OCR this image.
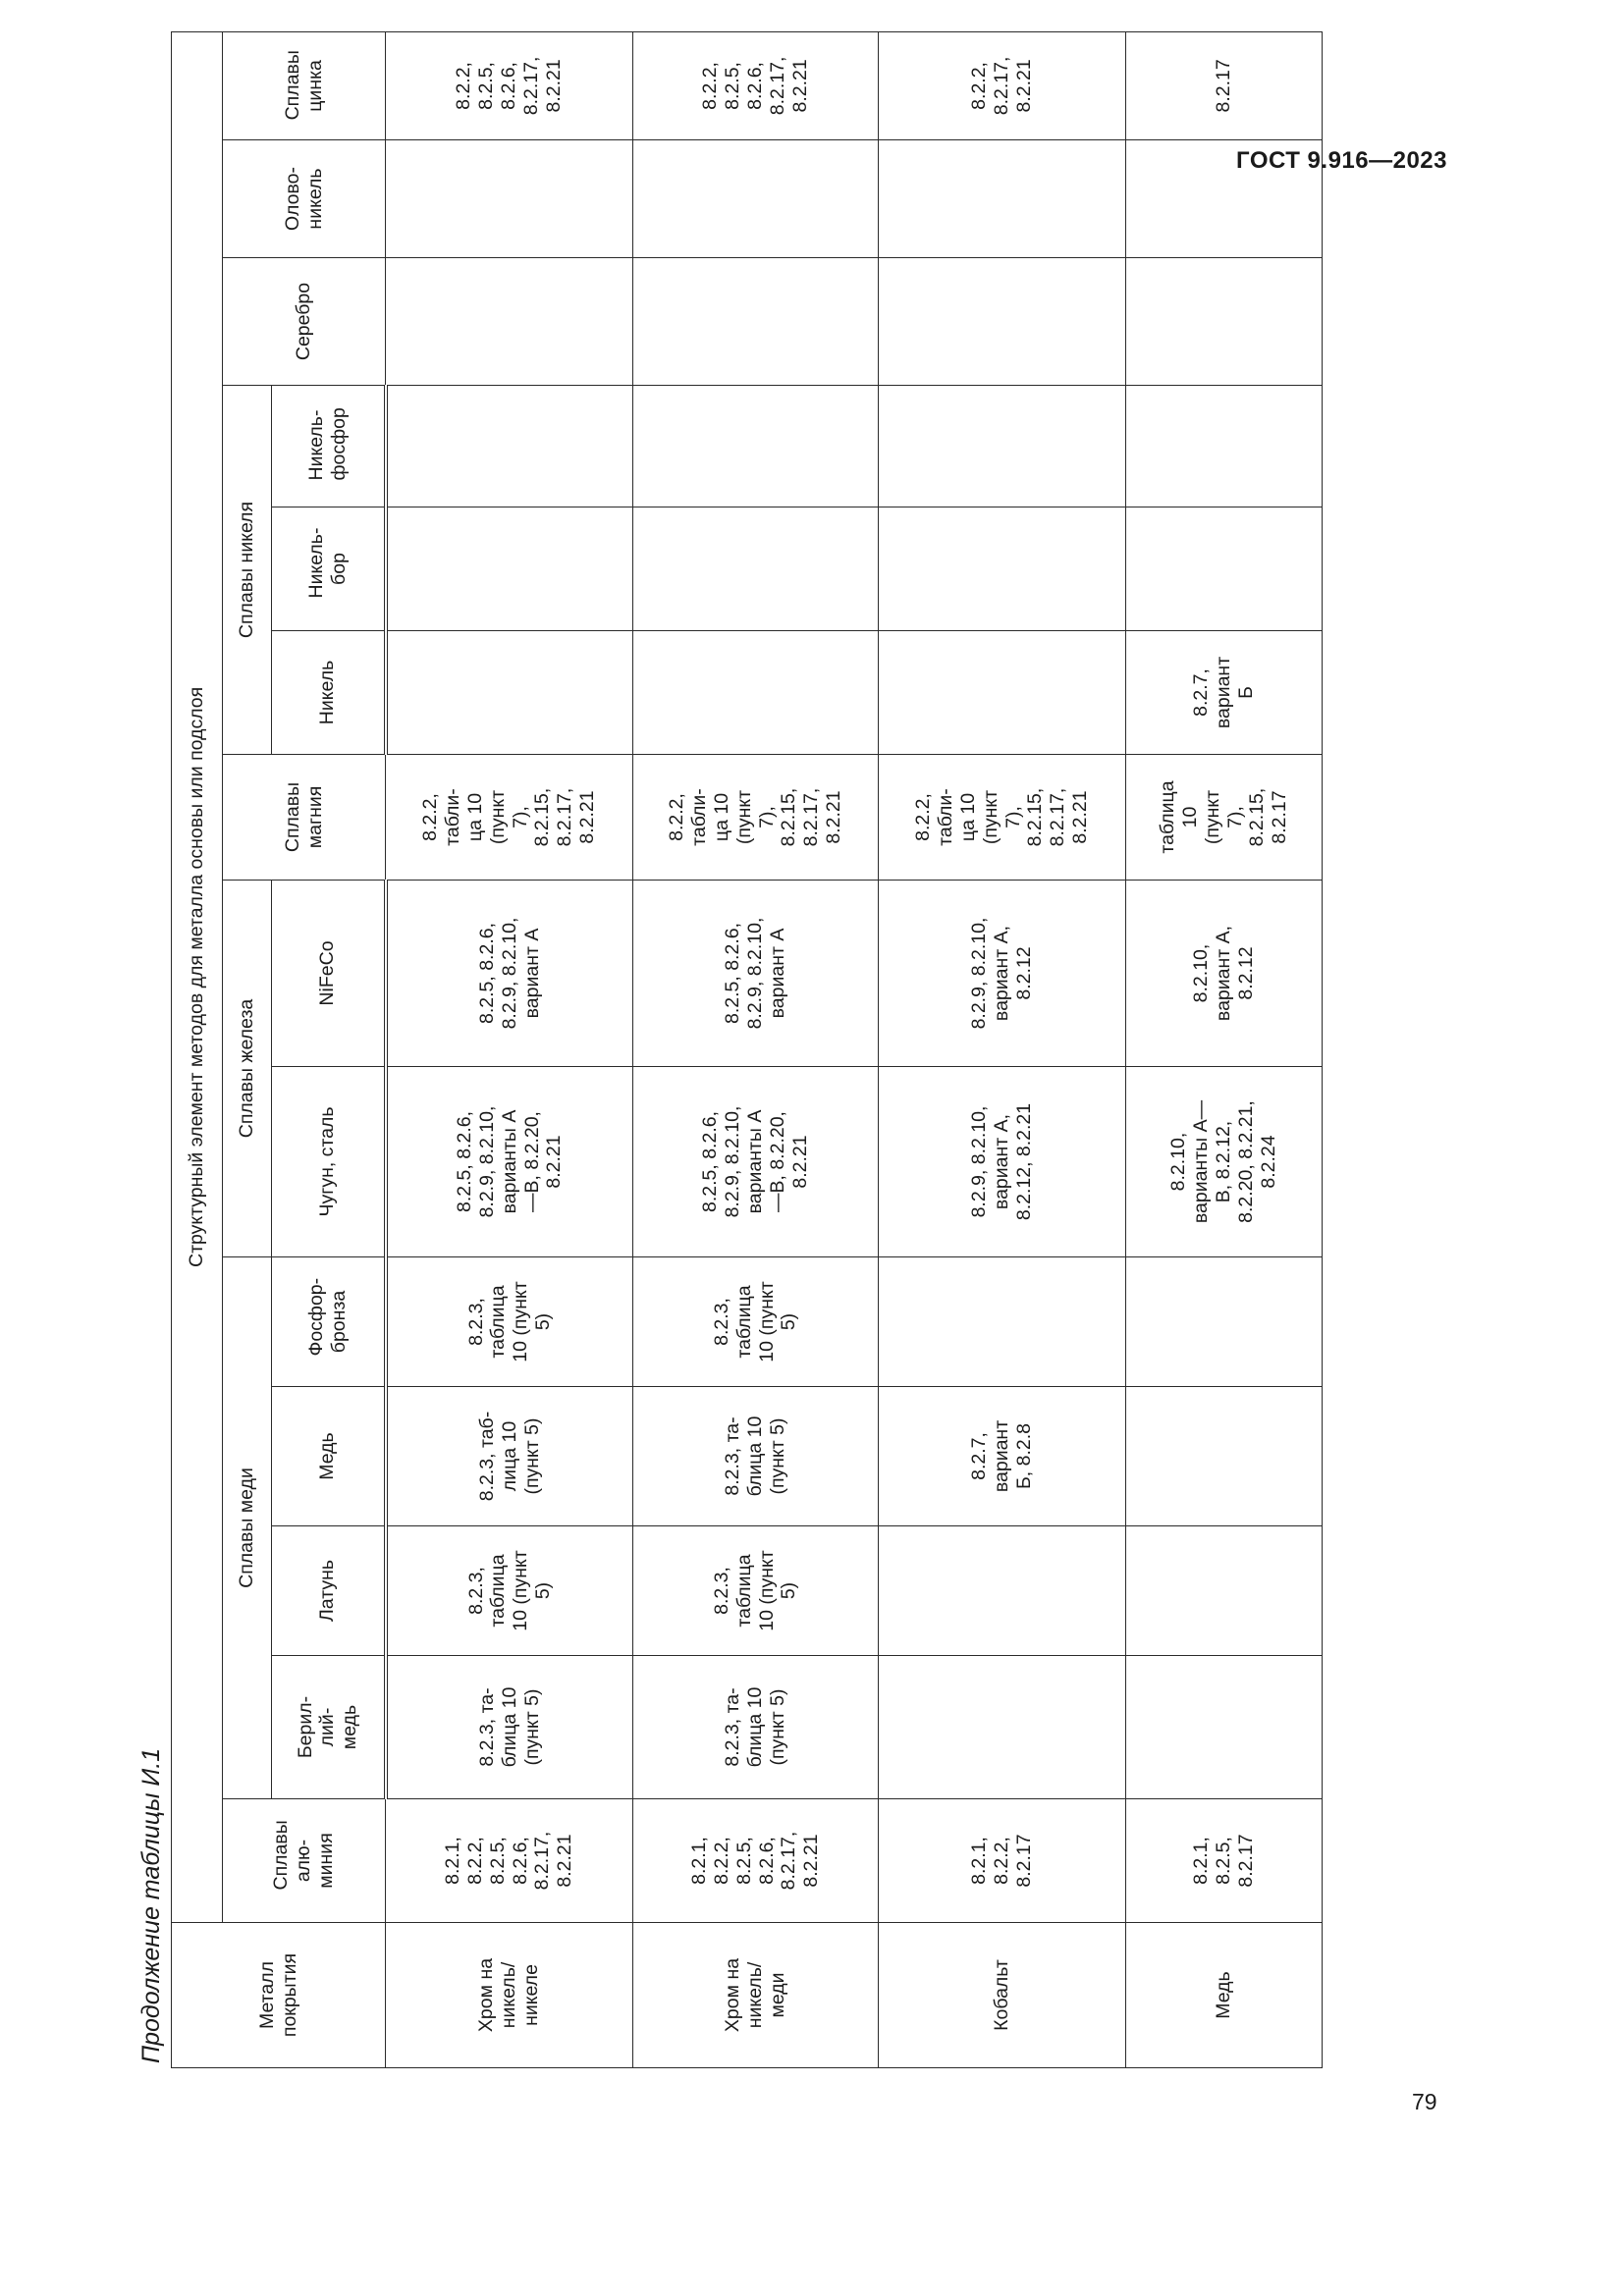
ГОСТ 9.916—2023
Продолжение таблицы И.1	Металл покрытия	Структурный элемент методов для металла основы или подслоя													

	Сплавы алю-миния	Сплавы меди				Сплавы железа		Сплавы магния	Сплавы никеля			Серебро	Олово-никель	Сплавы цинка

		Берил-лий-медь	Латунь	Медь	Фосфор-бронза	Чугун, сталь	NiFeCo		Никель	Никель-бор	Никель-фосфор			

Хром на никель/ никеле	8.2.1, 8.2.2, 8.2.5, 8.2.6, 8.2.17, 8.2.21	8.2.3, та-блица 10 (пункт 5)	8.2.3, таблица 10 (пункт 5)	8.2.3, таб-лица 10 (пункт 5)	8.2.3, таблица 10 (пункт 5)	8.2.5, 8.2.6, 8.2.9, 8.2.10, варианты А—В, 8.2.20, 8.2.21	8.2.5, 8.2.6, 8.2.9, 8.2.10, вариант А	8.2.2, табли-ца 10 (пункт 7), 8.2.15, 8.2.17, 8.2.21						8.2.2, 8.2.5, 8.2.6, 8.2.17, 8.2.21

Хром на никель/ меди	8.2.1, 8.2.2, 8.2.5, 8.2.6, 8.2.17, 8.2.21	8.2.3, та-блица 10 (пункт 5)	8.2.3, таблица 10 (пункт 5)	8.2.3, та-блица 10 (пункт 5)	8.2.3, таблица 10 (пункт 5)	8.2.5, 8.2.6, 8.2.9, 8.2.10, варианты А—В, 8.2.20, 8.2.21	8.2.5, 8.2.6, 8.2.9, 8.2.10, вариант А	8.2.2, табли-ца 10 (пункт 7), 8.2.15, 8.2.17, 8.2.21						8.2.2, 8.2.5, 8.2.6, 8.2.17, 8.2.21

Кобальт	8.2.1, 8.2.2, 8.2.17			8.2.7, вариант Б, 8.2.8		8.2.9, 8.2.10, вариант А, 8.2.12, 8.2.21	8.2.9, 8.2.10, вариант А, 8.2.12	8.2.2, табли-ца 10 (пункт 7), 8.2.15, 8.2.17, 8.2.21						8.2.2, 8.2.17, 8.2.21

Медь	8.2.1, 8.2.5, 8.2.17					8.2.10, варианты А—В, 8.2.12, 8.2.20, 8.2.21, 8.2.24	8.2.10, вариант А, 8.2.12	таблица 10 (пункт 7), 8.2.15, 8.2.17	8.2.7, вариант Б					8.2.17
79
